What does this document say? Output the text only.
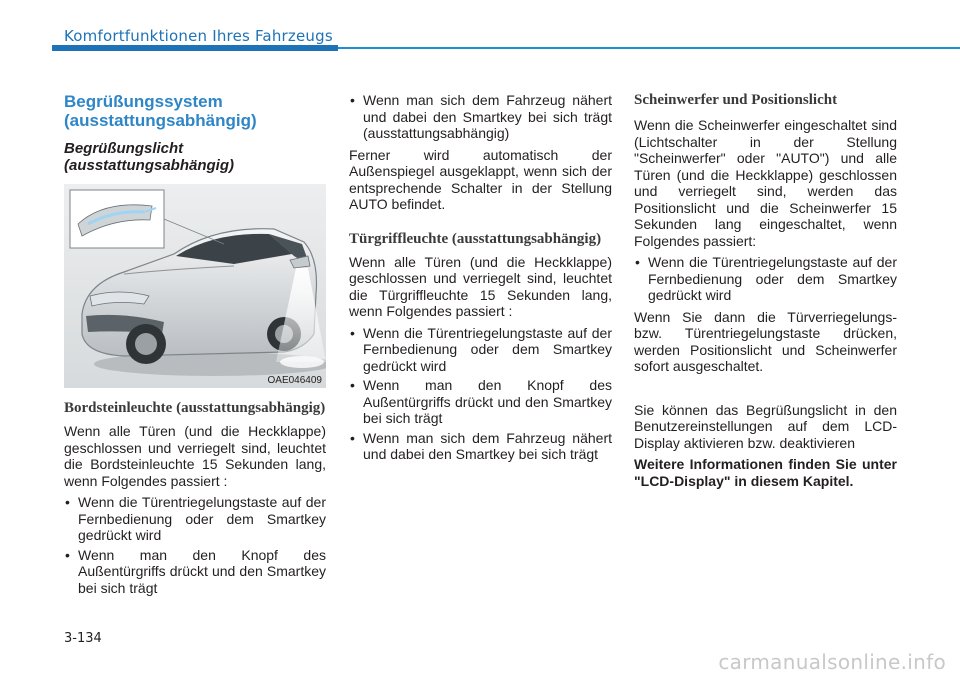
Komfortfunktionen Ihres Fahrzeugs
Begrüßungssystem (ausstattungsabhängig)
Begrüßungslicht (ausstattungsabhängig)
OAE046409
Bordsteinleuchte (ausstattungsabhängig)

Wenn alle Türen (und die Heckklappe) geschlossen und verriegelt sind, leuchtet die Bordsteinleuchte 15 Sekunden lang, wenn Folgendes passiert :

• Wenn die Türentriegelungstaste auf der Fernbedienung oder dem Smartkey gedrückt wird
• Wenn man den Knopf des Außentürgriffs drückt und den Smartkey bei sich trägt
• Wenn man sich dem Fahrzeug nähert und dabei den Smartkey bei sich trägt (ausstattungsabhängig)

Ferner wird automatisch der Außenspiegel ausgeklappt, wenn sich der entsprechende Schalter in der Stellung AUTO befindet.

Türgriffleuchte (ausstattungsabhängig)

Wenn alle Türen (und die Heckklappe) geschlossen und verriegelt sind, leuchtet die Türgriffleuchte 15 Sekunden lang, wenn Folgendes passiert :

• Wenn die Türentriegelungstaste auf der Fernbedienung oder dem Smartkey gedrückt wird
• Wenn man den Knopf des Außentürgriffs drückt und den Smartkey bei sich trägt
• Wenn man sich dem Fahrzeug nähert und dabei den Smartkey bei sich trägt
Scheinwerfer und Positionslicht

Wenn die Scheinwerfer eingeschaltet sind (Lichtschalter in der Stellung "Scheinwerfer" oder "AUTO") und alle Türen (und die Heckklappe) geschlossen und verriegelt sind, werden das Positionslicht und die Scheinwerfer 15 Sekunden lang eingeschaltet, wenn Folgendes passiert:

• Wenn die Türentriegelungstaste auf der Fernbedienung oder dem Smartkey gedrückt wird

Wenn Sie dann die Türverriegelungs- bzw. Türentriegelungstaste drücken, werden Positionslicht und Scheinwerfer sofort ausgeschaltet.

Sie können das Begrüßungslicht in den Benutzereinstellungen auf dem LCD-Display aktivieren bzw. deaktivieren

Weitere Informationen finden Sie unter "LCD-Display" in diesem Kapitel.

3-134
carmanualsonline.info
